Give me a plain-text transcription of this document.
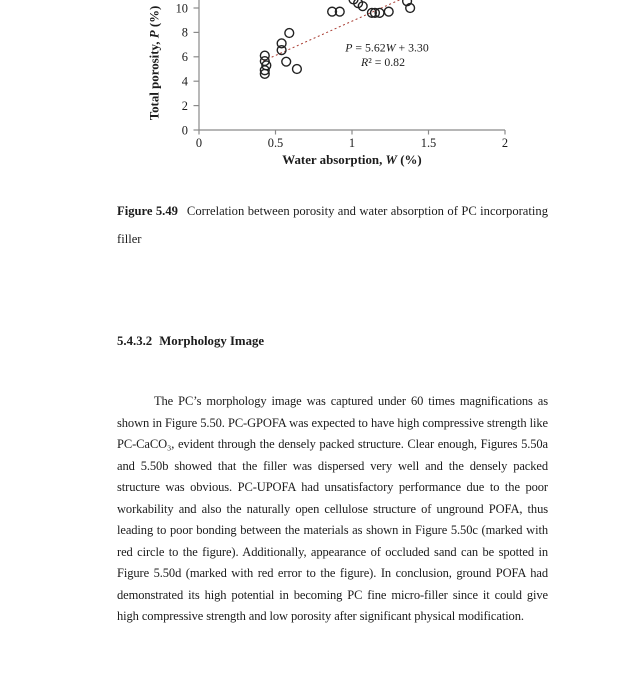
0
2
4
6
8
10
0	0.5	1	1.5	2
P = 5.62W + 3.30
R² = 0.82
Water absorption, W (%)
Total porosity, P (%)
Figure 5.49 Correlation between porosity and water absorption of PC incorporating filler
5.4.3.2 Morphology Image

The PC’s morphology image was captured under 60 times magnifications as shown in Figure 5.50. PC-GPOFA was expected to have high compressive strength like PC-CaCO₃, evident through the densely packed structure. Clear enough, Figures 5.50a and 5.50b showed that the filler was dispersed very well and the densely packed structure was obvious. PC-UPOFA had unsatisfactory performance due to the poor workability and also the naturally open cellulose structure of unground POFA, thus leading to poor bonding between the materials as shown in Figure 5.50c (marked with red circle to the figure). Additionally, appearance of occluded sand can be spotted in Figure 5.50d (marked with red error to the figure). In conclusion, ground POFA had demonstrated its high potential in becoming PC fine micro-filler since it could give high compressive strength and low porosity after significant physical modification.
